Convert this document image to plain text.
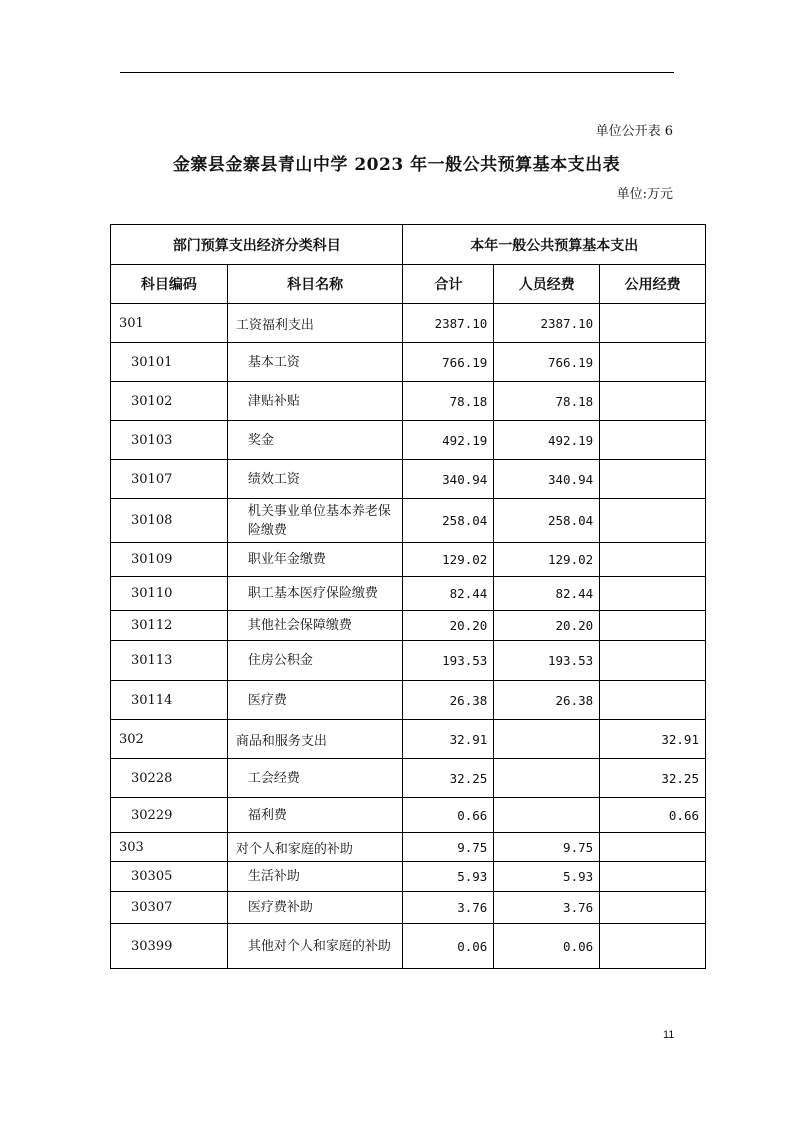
单位公开表 6
金寨县金寨县青山中学 2023 年一般公共预算基本支出表
单位:万元
部门预算支出经济分类科目		本年一般公共预算基本支出		
科目编码	科目名称	合计	人员经费	公用经费
301	工资福利支出	2387.10	2387.10	
30101	基本工资	766.19	766.19	
30102	津贴补贴	78.18	78.18	
30103	奖金	492.19	492.19	
30107	绩效工资	340.94	340.94	
30108	机关事业单位基本养老保险缴费	258.04	258.04	
30109	职业年金缴费	129.02	129.02	
30110	职工基本医疗保险缴费	82.44	82.44	
30112	其他社会保障缴费	20.20	20.20	
30113	住房公积金	193.53	193.53	
30114	医疗费	26.38	26.38	
302	商品和服务支出	32.91		32.91
30228	工会经费	32.25		32.25
30229	福利费	0.66		0.66
303	对个人和家庭的补助	9.75	9.75	
30305	生活补助	5.93	5.93	
30307	医疗费补助	3.76	3.76	
30399	其他对个人和家庭的补助	0.06	0.06	
11
